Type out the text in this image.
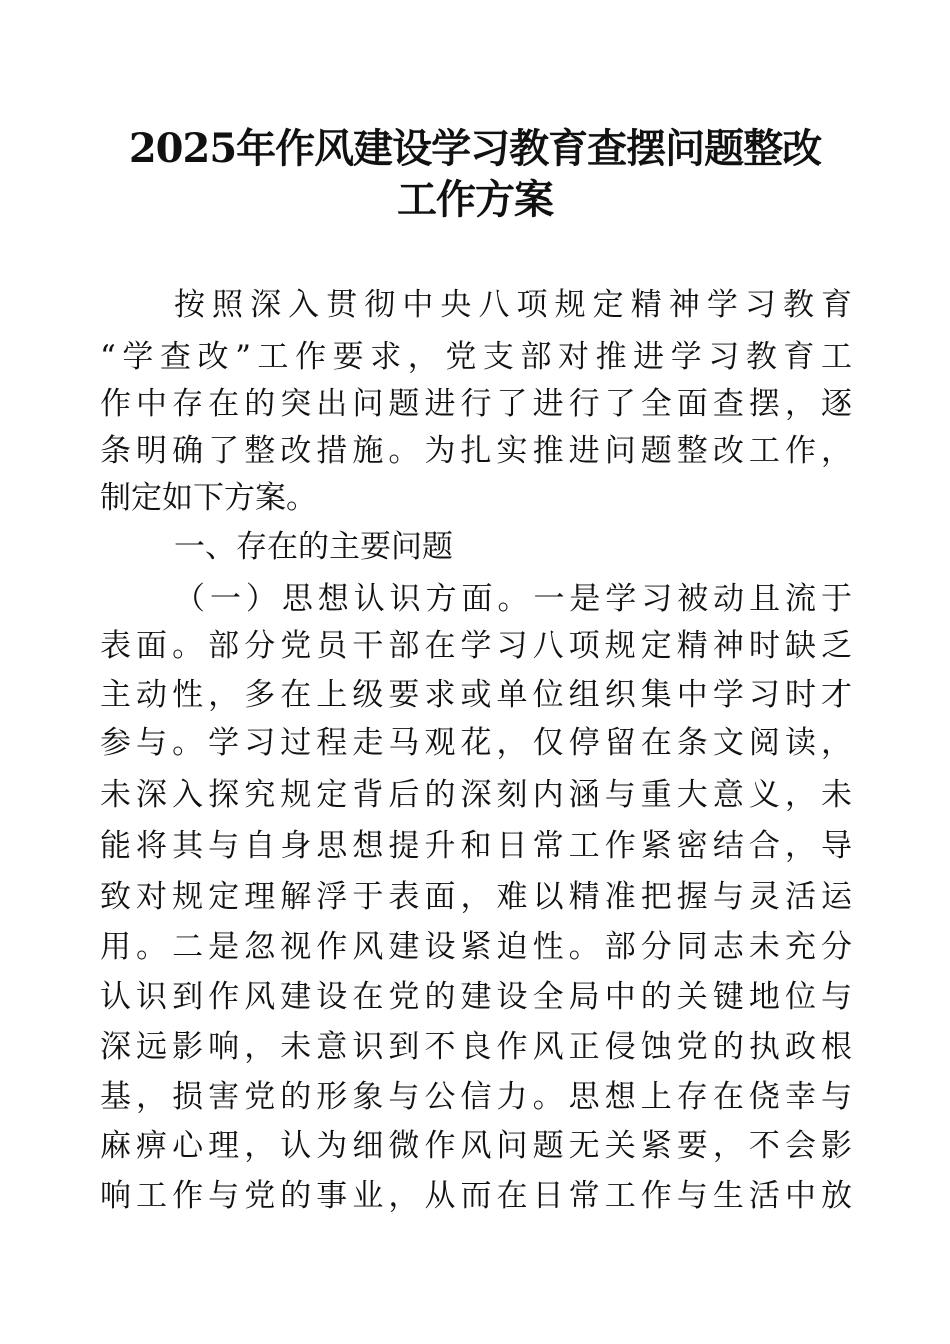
2025年作风建设学习教育查摆问题整改
工作方案

按照深入贯彻中央八项规定精神学习教育

“学查改”工作要求，党支部对推进学习教育工

作中存在的突出问题进行了进行了全面查摆，逐

条明确了整改措施。为扎实推进问题整改工作，

制定如下方案。

一、存在的主要问题

（一）思想认识方面。一是学习被动且流于

表面。部分党员干部在学习八项规定精神时缺乏

主动性，多在上级要求或单位组织集中学习时才

参与。学习过程走马观花，仅停留在条文阅读，

未深入探究规定背后的深刻内涵与重大意义，未

能将其与自身思想提升和日常工作紧密结合，导

致对规定理解浮于表面，难以精准把握与灵活运

用。二是忽视作风建设紧迫性。部分同志未充分

认识到作风建设在党的建设全局中的关键地位与

深远影响，未意识到不良作风正侵蚀党的执政根

基，损害党的形象与公信力。思想上存在侥幸与

麻痹心理，认为细微作风问题无关紧要，不会影

响工作与党的事业，从而在日常工作与生活中放
